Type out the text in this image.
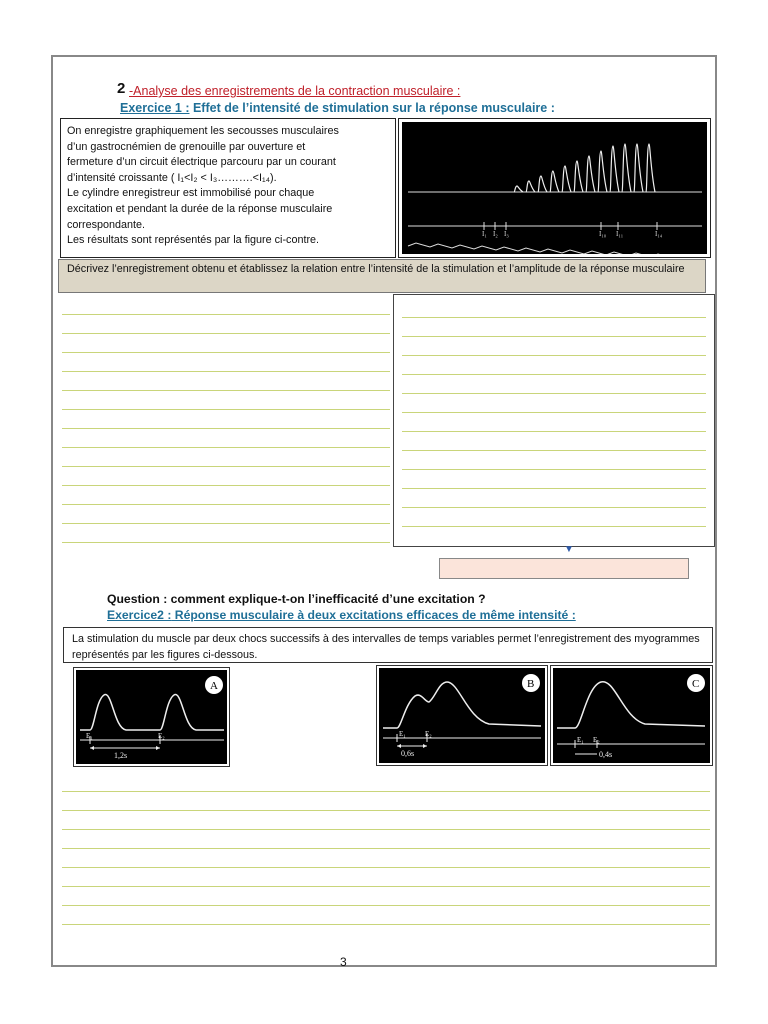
2 -Analyse des enregistrements de la contraction musculaire :
Exercice 1 : Effet de l’intensité de stimulation sur la réponse musculaire :
On enregistre graphiquement les secousses musculaires
d’un gastrocnémien de grenouille par ouverture et
fermeture d’un circuit électrique parcouru par un courant
d’intensité croissante ( I₁<I₂ < I₃……….<I₁₄).
Le cylindre enregistreur est immobilisé pour chaque
excitation et pendant la durée de la réponse musculaire
correspondante.
Les résultats sont représentés par la figure ci-contre.
I₁ I₂ I₃	I₁₀ I₁₁	I₁₄
Décrivez l’enregistrement obtenu et établissez la relation entre l’intensité de la stimulation et l’amplitude de la réponse musculaire
▼
Question : comment explique-t-on l’inefficacité d’une excitation ?
Exercice2 : Réponse musculaire à deux excitations efficaces de même intensité :
La stimulation du muscle par deux chocs successifs à des intervalles de temps variables permet l’enregistrement des myogrammes représentés par les figures ci-dessous.
E₁	E₂
1,2s
A
E₁	E₂
0,6s
B
E₁ E₂
0,4s
C
3
